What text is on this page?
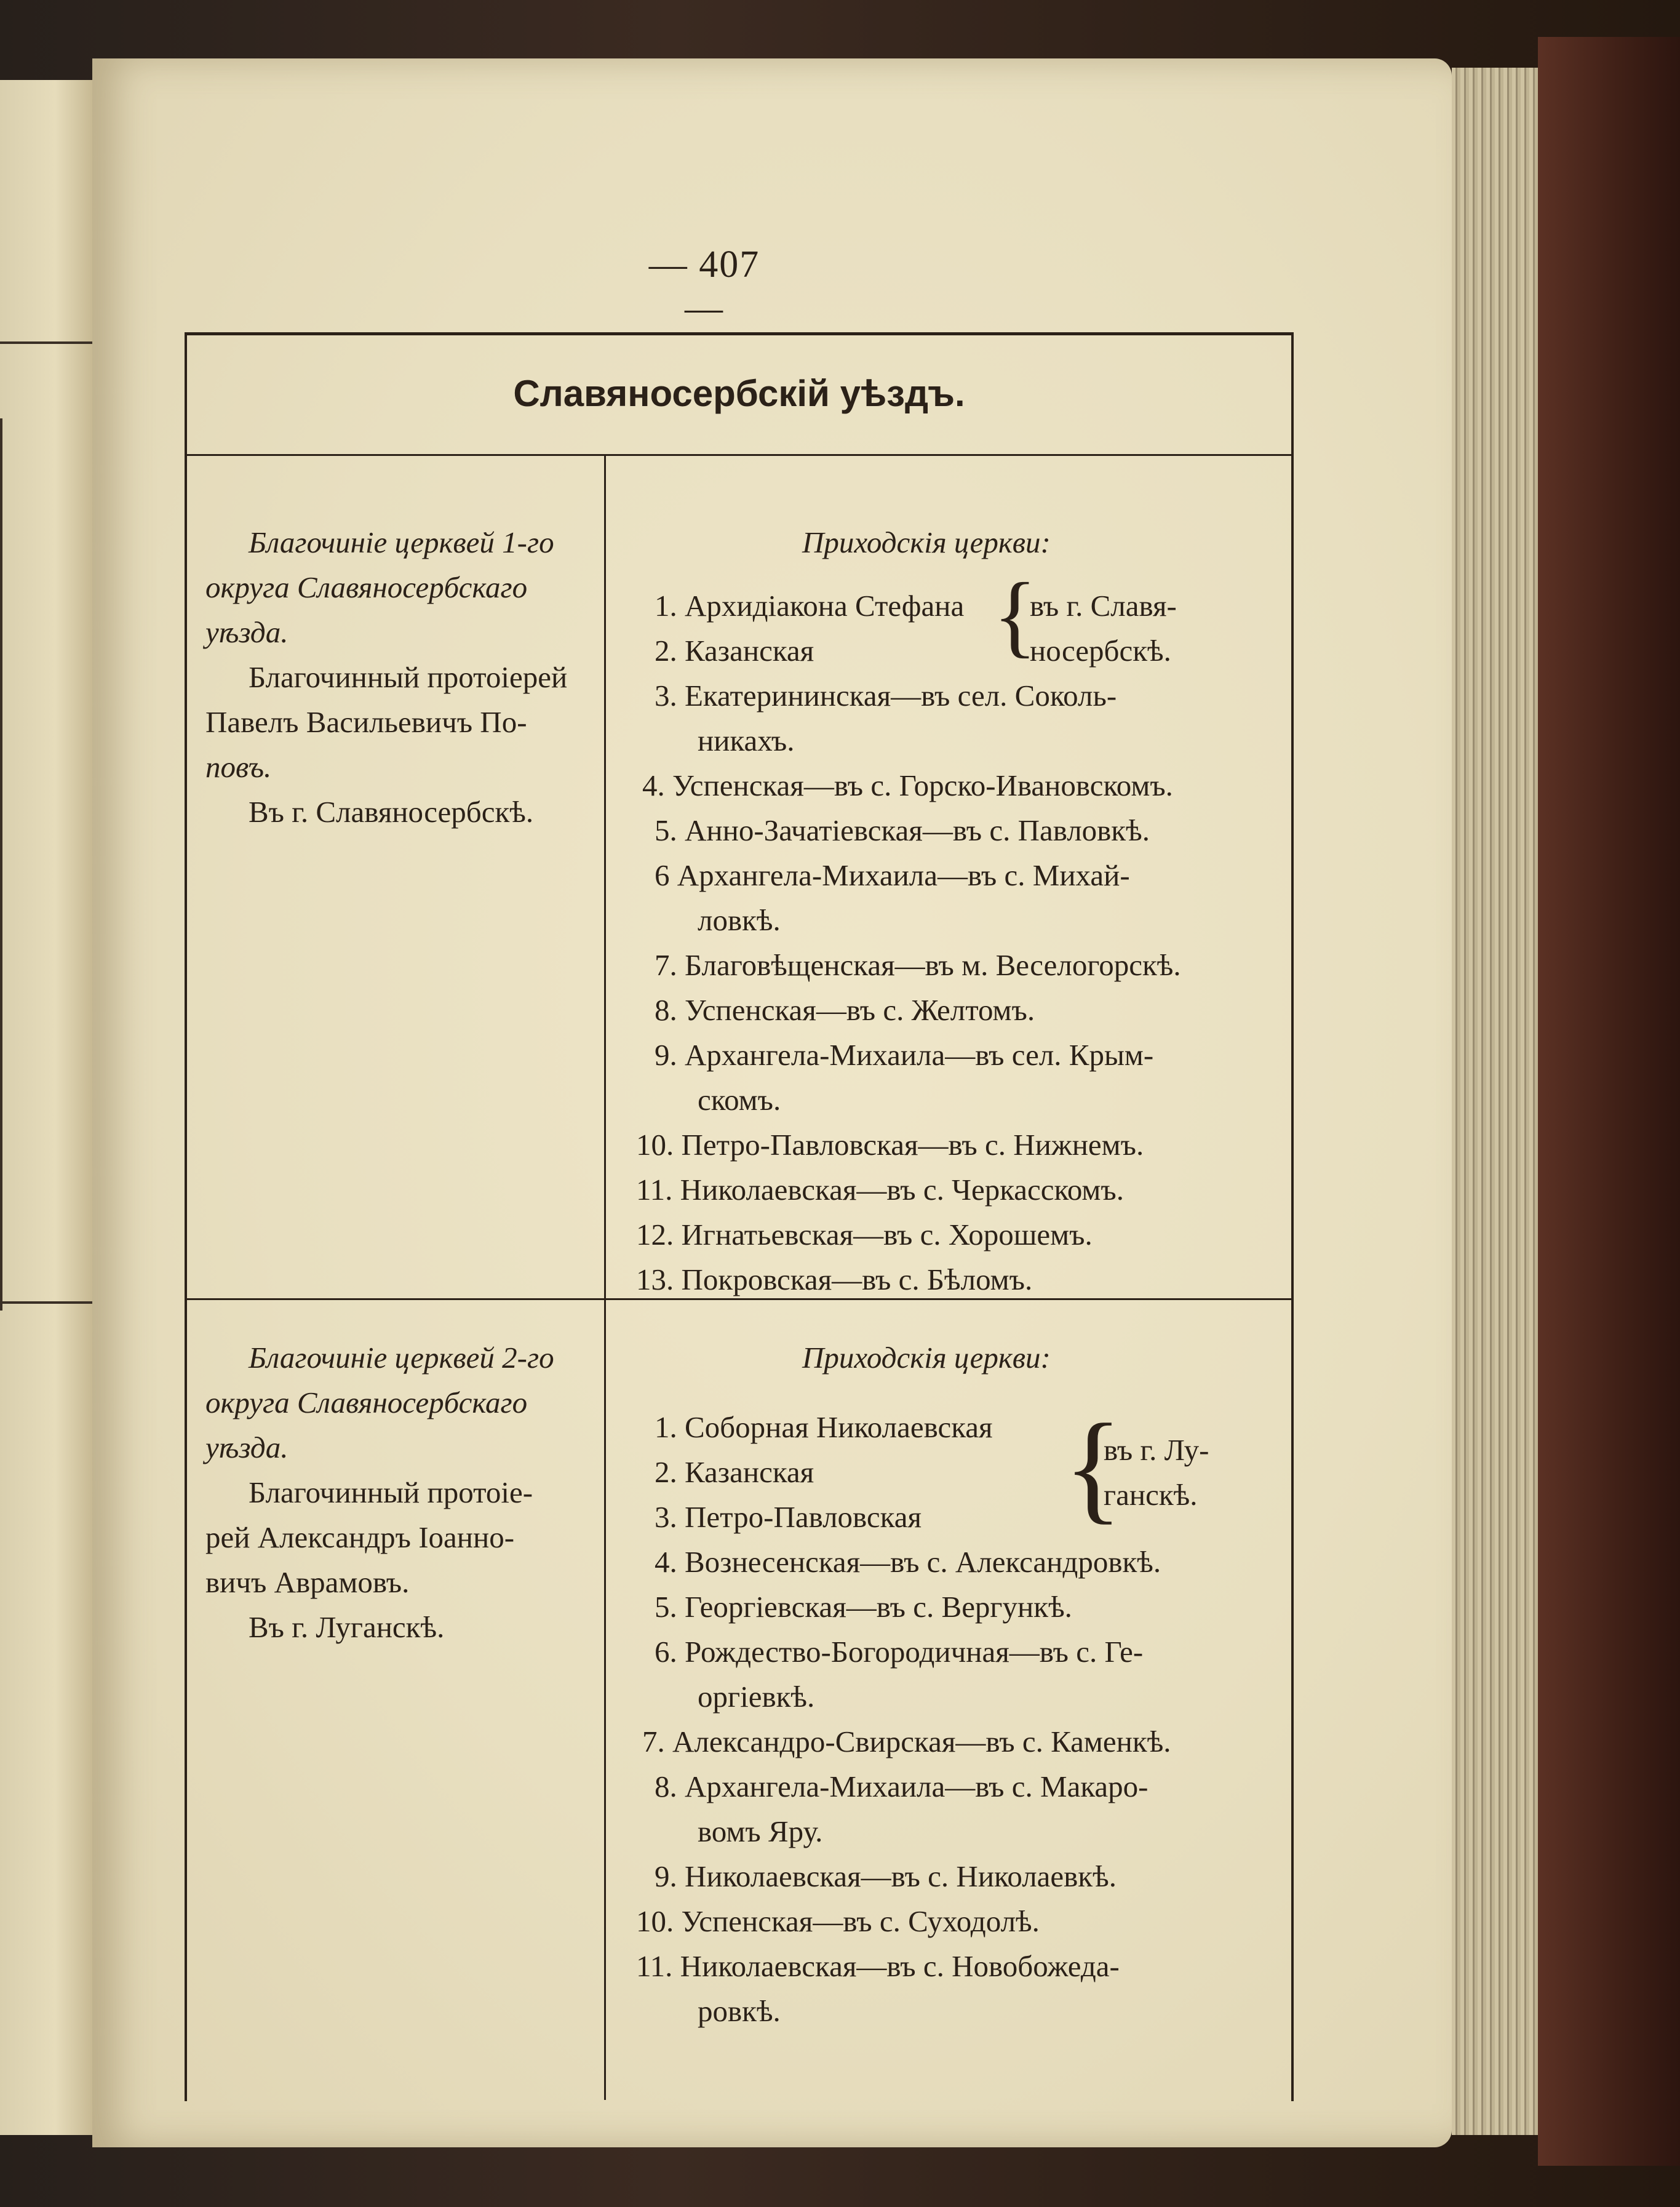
— 407 —
Славяносербскій уѣздъ.
Благочиніе церквей 1-го
округа Славяносербскаго
уѣзда.
Благочинный протоіерей
Павелъ Васильевичъ По-
повъ.
Въ г. Славяносербскѣ.
Приходскія церкви:
1. Архидіакона Стефана
2. Казанская
3. Екатерининская—въ сел. Соколь-
никахъ.
4. Успенская—въ с. Горско-Ивановскомъ.
5. Анно-Зачатіевская—въ с. Павловкѣ.
6 Архангела-Михаила—въ с. Михай-
ловкѣ.
7. Благовѣщенская—въ м. Веселогорскѣ.
8. Успенская—въ с. Желтомъ.
9. Архангела-Михаила—въ сел. Крым-
скомъ.
10. Петро-Павловская—въ с. Нижнемъ.
11. Николаевская—въ с. Черкасскомъ.
12. Игнатьевская—въ с. Хорошемъ.
13. Покровская—въ с. Бѣломъ.
{
въ г. Славя-
носербскѣ.
Благочиніе церквей 2-го
округа Славяносербскаго
уѣзда.
Благочинный протоіе-
рей Александръ Іоанно-
вичъ Аврамовъ.
Въ г. Луганскѣ.
Приходскія церкви:
1. Соборная Николаевская
2. Казанская
3. Петро-Павловская
4. Вознесенская—въ с. Александровкѣ.
5. Георгіевская—въ с. Вергункѣ.
6. Рождество-Богородичная—въ с. Ге-
оргіевкѣ.
7. Александро-Свирская—въ с. Каменкѣ.
8. Архангела-Михаила—въ с. Макаро-
вомъ Яру.
9. Николаевская—въ с. Николаевкѣ.
10. Успенская—въ с. Суходолѣ.
11. Николаевская—въ с. Новобожеда-
ровкѣ.
{
въ г. Лу-
ганскѣ.
